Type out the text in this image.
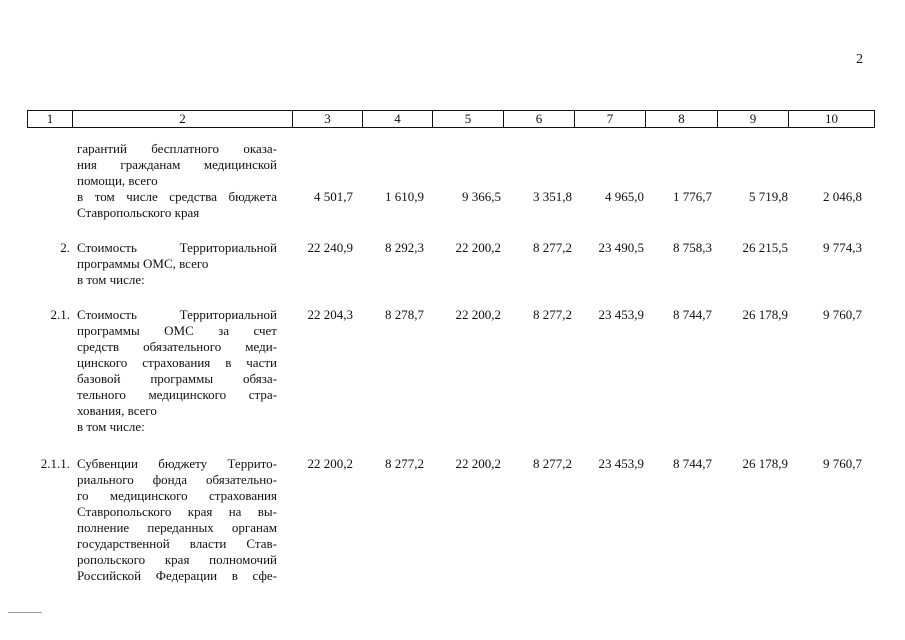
2
1	2	3	4	5	6	7	8	9	10
гарантий бесплатного оказа-
ния гражданам медицинской
помощи, всего
в том числе средства бюджета
Ставропольского края
4 501,7	1 610,9	9 366,5	3 351,8	4 965,0	1 776,7	5 719,8	2 046,8
2. Стоимость Территориальной
программы ОМС, всего
в том числе:
22 240,9	8 292,3	22 200,2	8 277,2	23 490,5	8 758,3	26 215,5	9 774,3
2.1. Стоимость Территориальной
программы ОМС за счет
средств обязательного меди-
цинского страхования в части
базовой программы обяза-
тельного медицинского стра-
хования, всего
в том числе:
22 204,3	8 278,7	22 200,2	8 277,2	23 453,9	8 744,7	26 178,9	9 760,7
2.1.1. Субвенции бюджету Террито-
риального фонда обязательно-
го медицинского страхования
Ставропольского края на вы-
полнение переданных органам
государственной власти Став-
ропольского края полномочий
Российской Федерации в сфе-
22 200,2	8 277,2	22 200,2	8 277,2	23 453,9	8 744,7	26 178,9	9 760,7
